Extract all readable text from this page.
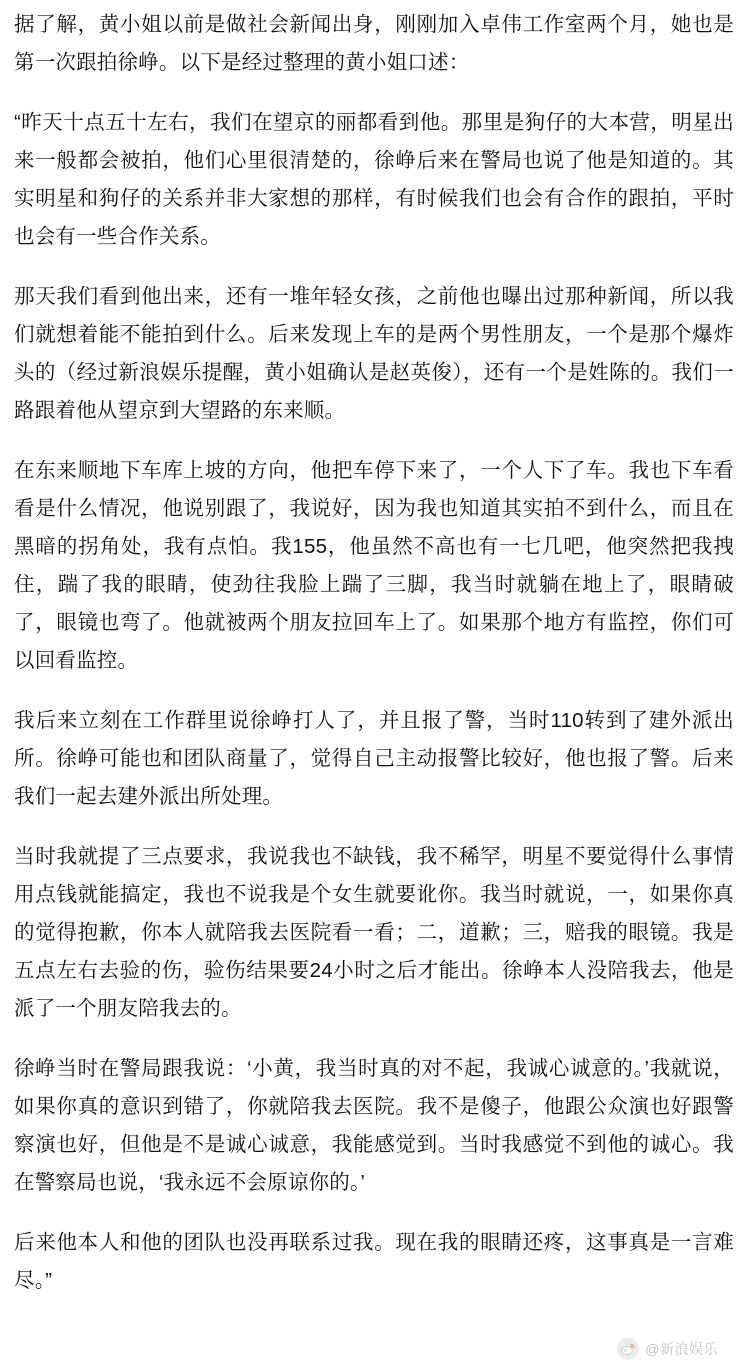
据了解，黄小姐以前是做社会新闻出身，刚刚加入卓伟工作室两个月，她也是第一次跟拍徐峥。以下是经过整理的黄小姐口述：

“昨天十点五十左右，我们在望京的丽都看到他。那里是狗仔的大本营，明星出来一般都会被拍，他们心里很清楚的，徐峥后来在警局也说了他是知道的。其实明星和狗仔的关系并非大家想的那样，有时候我们也会有合作的跟拍，平时也会有一些合作关系。

那天我们看到他出来，还有一堆年轻女孩，之前他也曝出过那种新闻，所以我们就想着能不能拍到什么。后来发现上车的是两个男性朋友，一个是那个爆炸头的（经过新浪娱乐提醒，黄小姐确认是赵英俊），还有一个是姓陈的。我们一路跟着他从望京到大望路的东来顺。

在东来顺地下车库上坡的方向，他把车停下来了，一个人下了车。我也下车看看是什么情况，他说别跟了，我说好，因为我也知道其实拍不到什么，而且在黑暗的拐角处，我有点怕。我155，他虽然不高也有一七几吧，他突然把我拽住，踹了我的眼睛，使劲往我脸上踹了三脚，我当时就躺在地上了，眼睛破了，眼镜也弯了。他就被两个朋友拉回车上了。如果那个地方有监控，你们可以回看监控。

我后来立刻在工作群里说徐峥打人了，并且报了警，当时110转到了建外派出所。徐峥可能也和团队商量了，觉得自己主动报警比较好，他也报了警。后来我们一起去建外派出所处理。

当时我就提了三点要求，我说我也不缺钱，我不稀罕，明星不要觉得什么事情用点钱就能搞定，我也不说我是个女生就要讹你。我当时就说，一，如果你真的觉得抱歉，你本人就陪我去医院看一看；二，道歉；三，赔我的眼镜。我是五点左右去验的伤，验伤结果要24小时之后才能出。徐峥本人没陪我去，他是派了一个朋友陪我去的。

徐峥当时在警局跟我说：‘小黄，我当时真的对不起，我诚心诚意的。’我就说，如果你真的意识到错了，你就陪我去医院。我不是傻子，他跟公众演也好跟警察演也好，但他是不是诚心诚意，我能感觉到。当时我感觉不到他的诚心。我在警察局也说，‘我永远不会原谅你的。’

后来他本人和他的团队也没再联系过我。现在我的眼睛还疼，这事真是一言难尽。”

@新浪娱乐
